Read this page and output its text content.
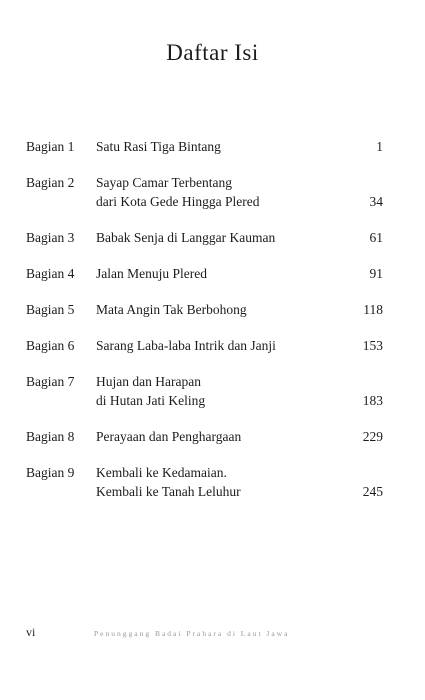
Daftar Isi
Bagian 1	Satu Rasi Tiga Bintang	1
Bagian 2	Sayap Camar Terbentang
dari Kota Gede Hingga Plered	34
Bagian 3	Babak Senja di Langgar Kauman	61
Bagian 4	Jalan Menuju Plered	91
Bagian 5	Mata Angin Tak Berbohong	118
Bagian 6	Sarang Laba-laba Intrik dan Janji	153
Bagian 7	Hujan dan Harapan
di Hutan Jati Keling	183
Bagian 8	Perayaan dan Penghargaan	229
Bagian 9	Kembali ke Kedamaian.
Kembali ke Tanah Leluhur	245
vi	Penunggang Badai Prahara di Laut Jawa
